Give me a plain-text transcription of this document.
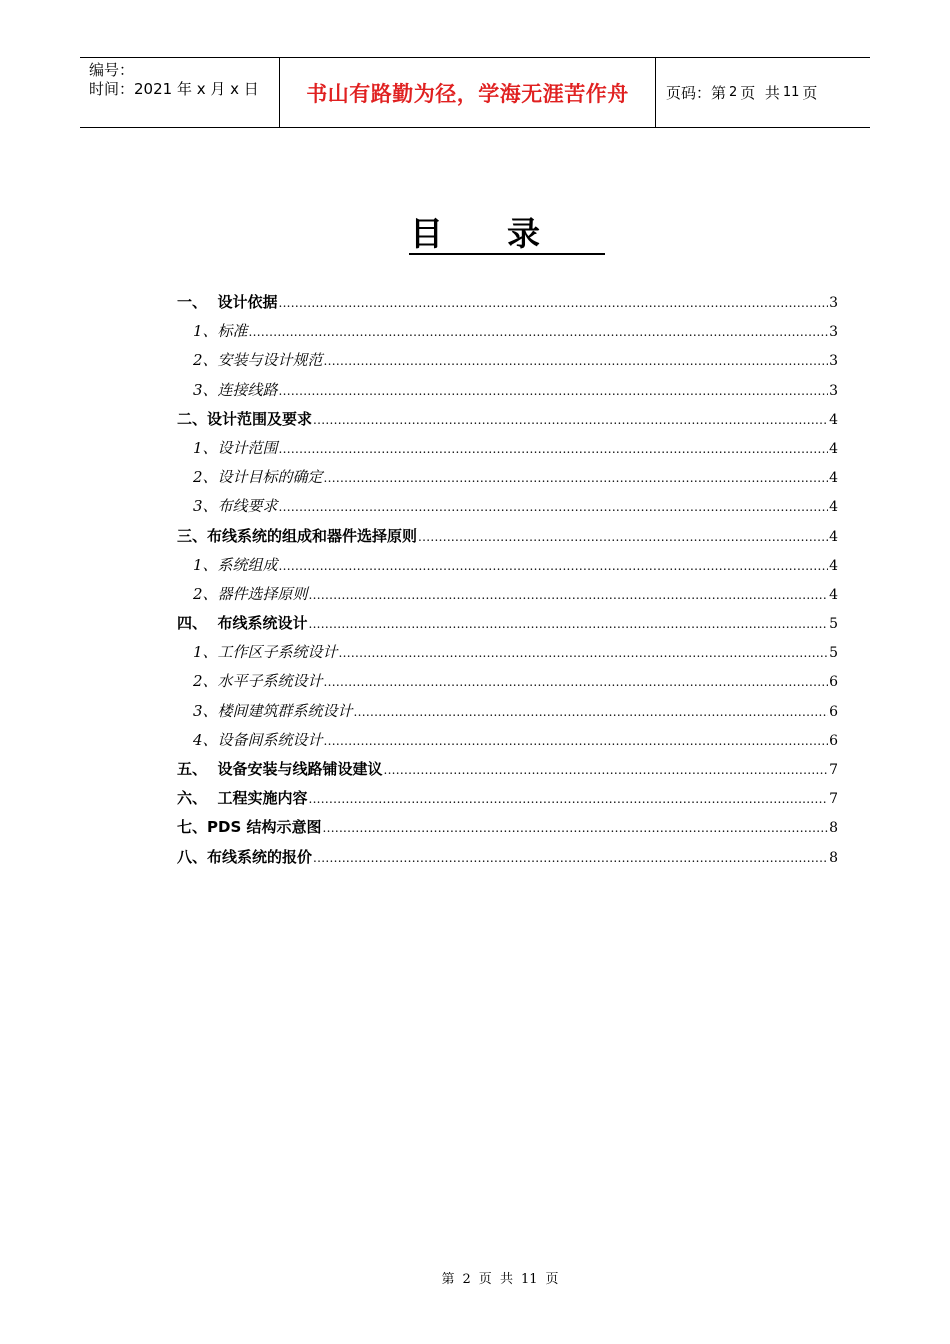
编号：
时间：2021 年 x 月 x 日	书山有路勤为径，学海无涯苦作舟	页码：第 2 页  共 11 页
目录
一、  设计依据 .....	3
1、标准 .....	3
2、安装与设计规范 .....	3
3、连接线路 .....	3
二、设计范围及要求 .....	4
1、设计范围 .....	4
2、设计目标的确定 .....	4
3、布线要求 .....	4
三、布线系统的组成和器件选择原则 .....	4
1、系统组成 .....	4
2、器件选择原则 .....	4
四、  布线系统设计 .....	5
1、工作区子系统设计 .....	5
2、水平子系统设计 .....	6
3、楼间建筑群系统设计 .....	6
4、设备间系统设计 .....	6
五、  设备安装与线路铺设建议 .....	7
六、  工程实施内容 .....	7
七、PDS 结构示意图 .....	8
八、布线系统的报价 .....	8
第 2 页  共 11 页
